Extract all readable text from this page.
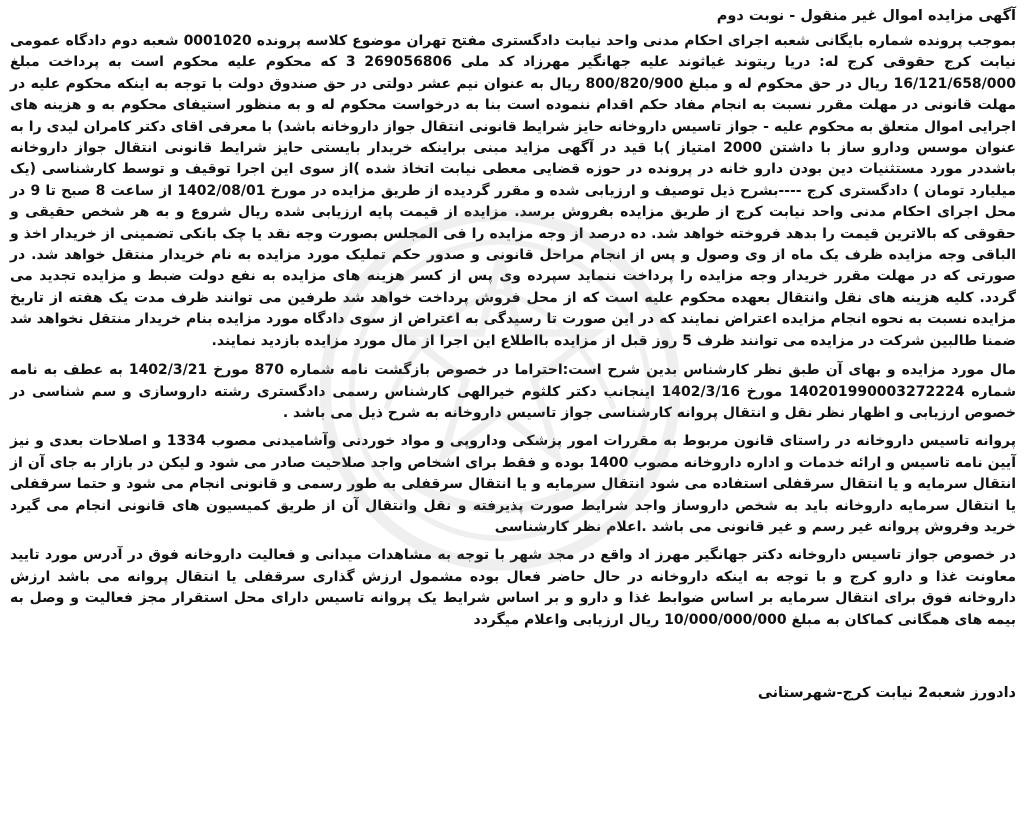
آگهی مزایده اموال غیر منقول - نوبت دوم

بموجب پرونده شماره بایگانی شعبه اجرای احکام مدنی واحد نیابت دادگستری مفتح تهران موضوع کلاسه پرونده 0001020 شعبه دوم دادگاه عمومی نیابت کرج حقوقی کرج له: دریا ریتوند غیاثوند علیه جهانگیر مهرزاد کد ملی 269056806 3 که محکوم علیه محکوم است به پرداخت مبلغ 16/121/658/000 ریال در حق محکوم له و مبلغ 800/820/900 ریال به عنوان نیم عشر دولتی در حق صندوق دولت با توجه به اینکه محکوم علیه در مهلت قانونی در مهلت مقرر نسبت به انجام مفاد حکم اقدام ننموده است بنا به درخواست محکوم له و به منظور استیفای محکوم به و هزینه های اجرایی اموال متعلق به محکوم علیه - جواز تاسیس داروخانه حایز شرایط قانونی انتقال جواز داروخانه باشد) با معرفی اقای دکتر کامران لیدی را به عنوان موسس ودارو ساز با داشتن 2000 امتیاز )با قید در آگهی مزاید مبنی براینکه خریدار بایستی حایز شرایط قانونی انتقال جواز داروخانه باشددر مورد مستثنیات دین بودن دارو خانه در پرونده در حوزه قضایی معطی نیابت اتخاذ شده )از سوی این اجرا توقیف و توسط کارشناسی (یک میلیارد تومان ) دادگستری کرج ----بشرح ذیل توصیف و ارزیابی شده و مقرر گردیده از طریق مزایده در مورخ 1402/08/01 از ساعت 8 صبح تا 9 در محل اجرای احکام مدنی واحد نیابت کرج از طریق مزایده بفروش برسد. مزایده از قیمت پایه ارزیابی شده ریال شروع و به هر شخص حقیقی و حقوقی که بالاترین قیمت را بدهد فروخته خواهد شد. ده درصد از وجه مزایده را فی المجلس بصورت وجه نقد یا چک بانکی تضمینی از خریدار اخذ و الباقی وجه مزایده ظرف یک ماه از وی وصول و پس از انجام مراحل قانونی و صدور حکم تملیک مورد مزایده به نام خریدار منتقل خواهد شد. در صورتی که در مهلت مقرر خریدار وجه مزایده را پرداخت ننماید سپرده وی پس از کسر هزینه های مزایده به نفع دولت ضبط و مزایده تجدید می گردد. کلیه هزینه های نقل وانتقال بعهده محکوم علیه است که از محل فروش پرداخت خواهد شد طرفین می توانند ظرف مدت یک هفته از تاریخ مزایده نسبت به نحوه انجام مزایده اعتراض نمایند که در این صورت تا رسیدگی به اعتراض از سوی دادگاه مورد مزایده بنام خریدار منتقل نخواهد شد ضمنا طالبین شرکت در مزایده می توانند ظرف 5 روز قبل از مزایده بااطلاع این اجرا از مال مورد مزایده بازدید نمایند.

مال مورد مزایده و بهای آن طبق نظر کارشناس بدین شرح است:احتراما در خصوص بازگشت نامه شماره 870 مورخ 1402/3/21 به عطف به نامه شماره 140201990003272224 مورخ 1402/3/16 اینجانب دکتر کلثوم خیرالهی کارشناس رسمی دادگستری رشته داروسازی و سم شناسی در خصوص ارزیابی و اظهار نظر نقل و انتقال پروانه کارشناسی جواز تاسیس داروخانه به شرح ذیل می باشد .

پروانه تاسیس داروخانه در راستای قانون مربوط به مقررات امور پزشکی وداروپی و مواد خوردنی وآشامیدنی مصوب 1334 و اصلاحات بعدی و نیز آیین نامه تاسیس و ارائه خدمات و اداره داروخانه مصوب 1400 بوده و فقط برای اشخاص واجد صلاحیت صادر می شود و لیکن در بازار به جای آن از انتقال سرمایه و یا انتقال سرقفلی استفاده می شود انتقال سرمایه و یا انتقال سرقفلی به طور رسمی و قانونی انجام می شود و حتما سرقفلی یا انتقال سرمایه داروخانه باید به شخص داروساز واجد شرایط صورت پذیرفته و نقل وانتقال آن از طریق کمیسیون های قانونی انجام می گیرد خرید وفروش پروانه غیر رسم و غیر قانونی می باشد .اعلام نظر کارشناسی

در خصوص جواز تاسیس داروخانه دکتر جهانگیر مهرز اد واقع در مجد شهر با توجه به مشاهدات میدانی و فعالیت داروخانه فوق در آدرس مورد تایید معاونت غذا و دارو کرج و با توجه به اینکه داروخانه در حال حاضر فعال بوده مشمول ارزش گذاری سرقفلی یا انتقال پروانه می باشد ارزش داروخانه فوق برای انتقال سرمایه بر اساس ضوابط غذا و دارو و بر اساس شرایط یک پروانه تاسیس دارای محل استقرار مجز فعالیت و وصل به بیمه های همگانی کماکان به مبلغ 10/000/000/000 ریال ارزیابی واعلام میگردد

دادورز شعبه2 نیابت کرج-شهرستانی
